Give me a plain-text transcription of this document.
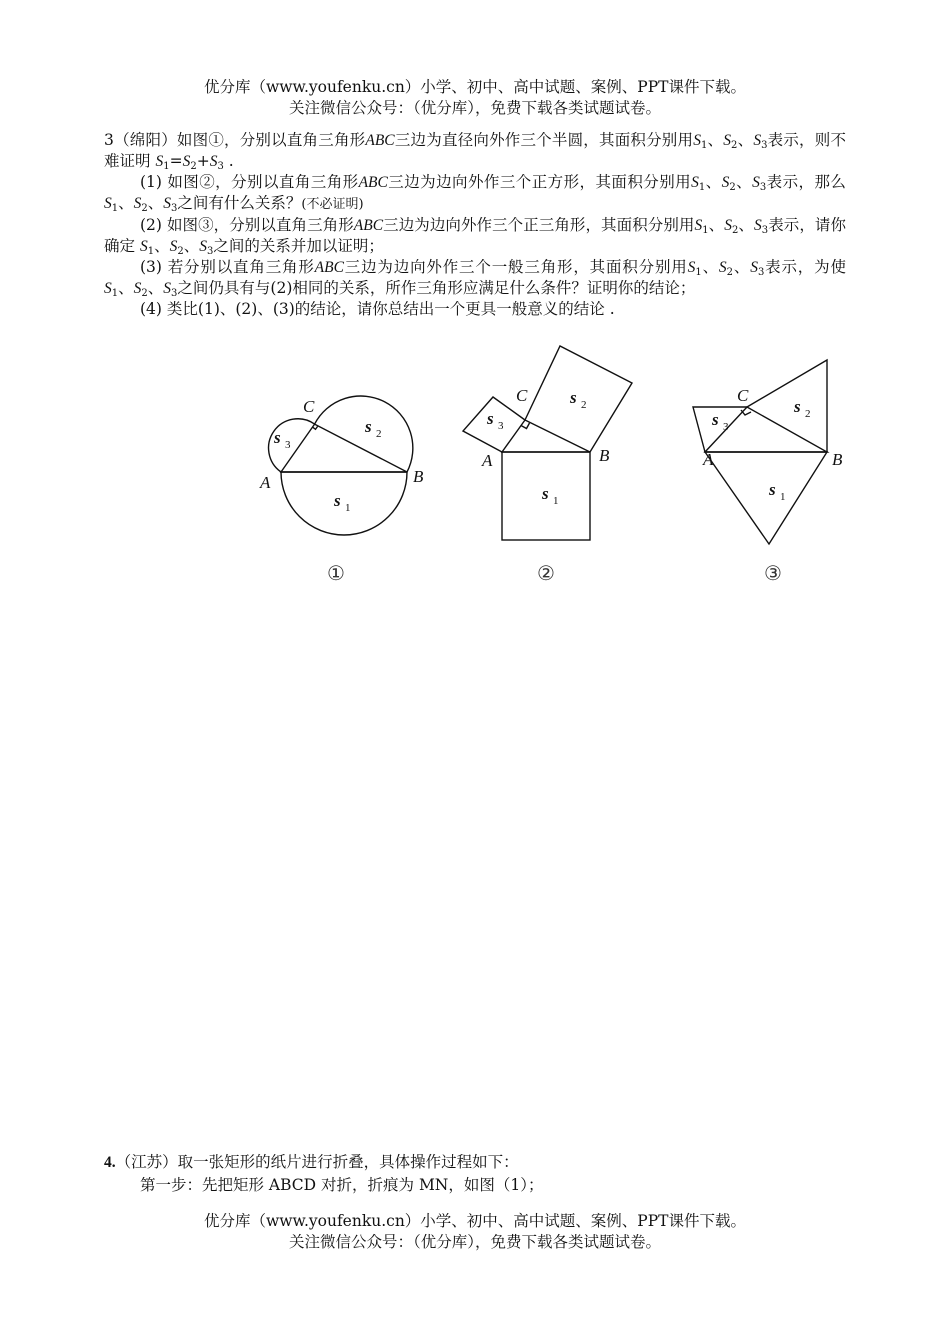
优分库（www.youfenku.cn）小学、初中、高中试题、案例、PPT课件下载。
关注微信公众号：（优分库），免费下载各类试题试卷。

3（绵阳）如图①，分别以直角三角形ABC三边为直径向外作三个半圆，其面积分别用$S_1$、$S_2$、$S_3$表示，则不难证明 $S_1=S_2+S_3$ .

(1) 如图②，分别以直角三角形ABC三边为边向外作三个正方形，其面积分别用$S_1$、$S_2$、$S_3$表示，那么 $S_1$、$S_2$、$S_3$之间有什么关系？(不必证明)

(2) 如图③，分别以直角三角形ABC三边为边向外作三个正三角形，其面积分别用$S_1$、$S_2$、$S_3$表示，请你确定 $S_1$、$S_2$、$S_3$之间的关系并加以证明；

(3) 若分别以直角三角形ABC三边为边向外作三个一般三角形，其面积分别用$S_1$、$S_2$、$S_3$表示，为使 $S_1$、$S_2$、$S_3$之间仍具有与(2)相同的关系，所作三角形应满足什么条件？证明你的结论；

(4) 类比(1)、(2)、(3)的结论，请你总结出一个更具一般意义的结论 .

A	B
C
s 1
s 2
s 3
A	B
C
s 1
s 2
s 3
A	B
C
s 1
s 2
s 3
①	②	③

4.（江苏）取一张矩形的纸片进行折叠，具体操作过程如下：

第一步：先把矩形 ABCD 对折，折痕为 MN，如图（1）；

优分库（www.youfenku.cn）小学、初中、高中试题、案例、PPT课件下载。
关注微信公众号：（优分库），免费下载各类试题试卷。
